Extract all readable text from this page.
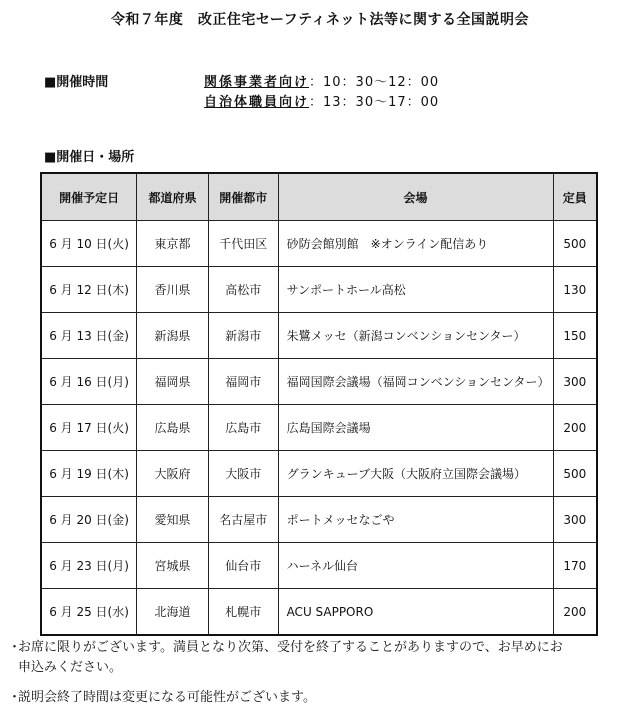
令和７年度　改正住宅セーフティネット法等に関する全国説明会
■開催時間	関係事業者向け：10：30～12：00
自治体職員向け：13：30～17：00
■開催日・場所
開催予定日	都道府県	開催都市	会場	定員
6 月 10 日(火)	東京都	千代田区	砂防会館別館　※オンライン配信あり	500
6 月 12 日(木)	香川県	高松市	サンポートホール高松	130
6 月 13 日(金)	新潟県	新潟市	朱鷺メッセ（新潟コンベンションセンター）	150
6 月 16 日(月)	福岡県	福岡市	福岡国際会議場（福岡コンベンションセンター）	300
6 月 17 日(火)	広島県	広島市	広島国際会議場	200
6 月 19 日(木)	大阪府	大阪市	グランキューブ大阪（大阪府立国際会議場）	500
6 月 20 日(金)	愛知県	名古屋市	ポートメッセなごや	300
6 月 23 日(月)	宮城県	仙台市	ハーネル仙台	170
6 月 25 日(水)	北海道	札幌市	ACU SAPPORO	200
・お席に限りがございます。満員となり次第、受付を終了することがありますので、お早めにお
申込みください。
・説明会終了時間は変更になる可能性がございます。
